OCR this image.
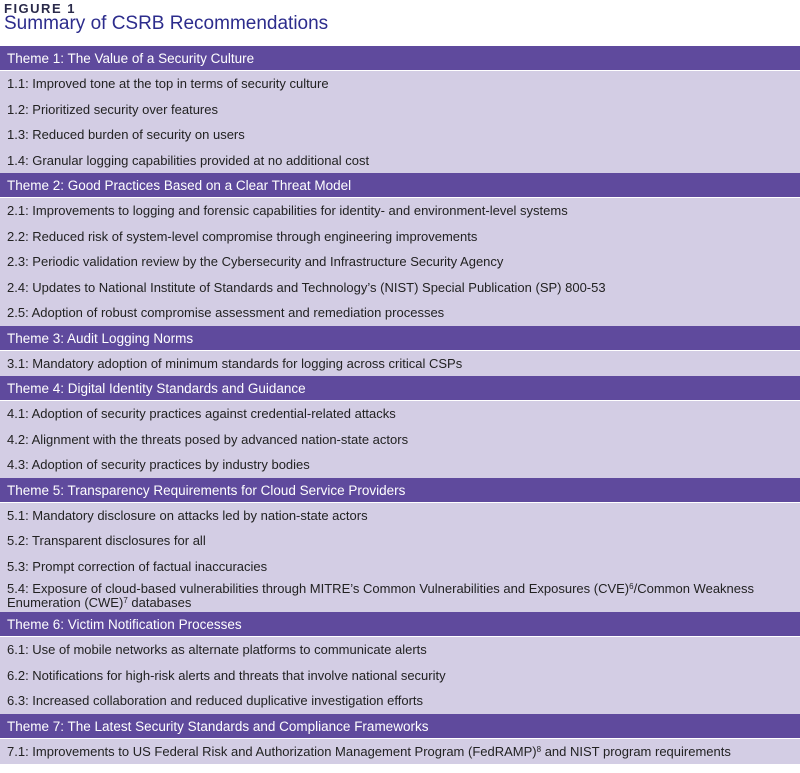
FIGURE 1
Summary of CSRB Recommendations
Theme 1: The Value of a Security Culture
1.1: Improved tone at the top in terms of security culture
1.2: Prioritized security over features
1.3: Reduced burden of security on users
1.4: Granular logging capabilities provided at no additional cost
Theme 2: Good Practices Based on a Clear Threat Model
2.1: Improvements to logging and forensic capabilities for identity- and environment-level systems
2.2: Reduced risk of system-level compromise through engineering improvements
2.3: Periodic validation review by the Cybersecurity and Infrastructure Security Agency
2.4: Updates to National Institute of Standards and Technology’s (NIST) Special Publication (SP) 800-53
2.5: Adoption of robust compromise assessment and remediation processes
Theme 3: Audit Logging Norms
3.1: Mandatory adoption of minimum standards for logging across critical CSPs
Theme 4: Digital Identity Standards and Guidance
4.1: Adoption of security practices against credential-related attacks
4.2: Alignment with the threats posed by advanced nation-state actors
4.3: Adoption of security practices by industry bodies
Theme 5: Transparency Requirements for Cloud Service Providers
5.1: Mandatory disclosure on attacks led by nation-state actors
5.2: Transparent disclosures for all
5.3: Prompt correction of factual inaccuracies
5.4: Exposure of cloud-based vulnerabilities through MITRE’s Common Vulnerabilities and Exposures (CVE)$^6$/Common Weakness Enumeration (CWE)$^7$ databases
Theme 6: Victim Notification Processes
6.1: Use of mobile networks as alternate platforms to communicate alerts
6.2: Notifications for high-risk alerts and threats that involve national security
6.3: Increased collaboration and reduced duplicative investigation efforts
Theme 7: The Latest Security Standards and Compliance Frameworks
7.1: Improvements to US Federal Risk and Authorization Management Program (FedRAMP)$^8$ and NIST program requirements
